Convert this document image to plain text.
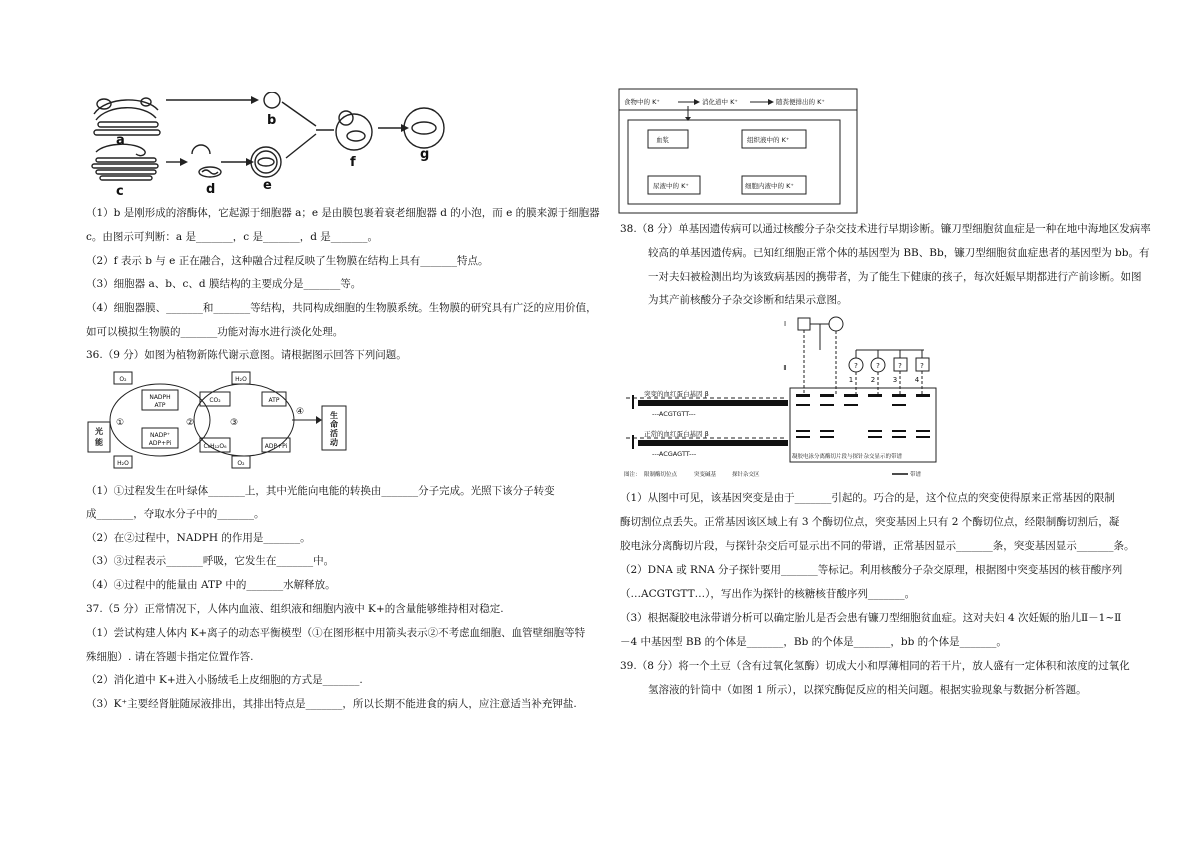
a
b
c	d	e
f
g
（1）b 是刚形成的溶酶体，它起源于细胞器 a；e 是由膜包裹着衰老细胞器 d 的小泡，而 e 的膜来源于细胞器
c。由图示可判断：a 是_______，c 是_______，d 是_______。
（2）f 表示 b 与 e 正在融合，这种融合过程反映了生物膜在结构上具有_______特点。
（3）细胞器 a、b、c、d 膜结构的主要成分是_______等。
（4）细胞器膜、_______和_______等结构，共同构成细胞的生物膜系统。生物膜的研究具有广泛的应用价值，
如可以模拟生物膜的_______功能对海水进行淡化处理。
36.（9 分）如图为植物新陈代谢示意图。请根据图示回答下列问题。
O₂
NADPH
ATP
NADP⁺
ADP+Pi
H₂O
CO₂
C₆H₁₂O₆
H₂O
ATP
ADP+Pi
O₂
光
能
生
命
活
动
①	②	③
④
（1）①过程发生在叶绿体_______上，其中光能向电能的转换由_______分子完成。光照下该分子转变
成_______，夺取水分子中的_______。
（2）在②过程中，NADPH 的作用是_______。
（3）③过程表示_______呼吸，它发生在_______中。
（4）④过程中的能量由 ATP 中的_______水解释放。
37.（5 分）正常情况下，人体内血液、组织液和细胞内液中 K+的含量能够维持相对稳定.
（1）尝试构建人体内 K+离子的动态平衡模型（①在图形框中用箭头表示②不考虑血细胞、血管壁细胞等特
殊细胞）. 请在答题卡指定位置作答.
（2）消化道中 K+进入小肠绒毛上皮细胞的方式是_______.
（3）K⁺主要经肾脏随尿液排出，其排出特点是_______，所以长期不能进食的病人，应注意适当补充钾盐.
食物中的 K⁺	消化道中 K⁺	随粪便排出的 K⁺
血浆	组织液中的 K⁺
尿液中的 K⁺	细胞内液中的 K⁺
38.（8 分）单基因遗传病可以通过核酸分子杂交技术进行早期诊断。镰刀型细胞贫血症是一种在地中海地区发病率
较高的单基因遗传病。已知红细胞正常个体的基因型为 BB、Bb，镰刀型细胞贫血症患者的基因型为 bb。有
一对夫妇被检测出均为该致病基因的携带者，为了能生下健康的孩子，每次妊娠早期都进行产前诊断。如图
为其产前核酸分子杂交诊断和结果示意图。
?	?	?	?
1	2	3	4
Ⅰ
Ⅱ
突变的血红蛋白基因 β
---ACGTGTT---
正常的血红蛋白基因 β
---ACGAGTT---
图注： 限制酶切位点	突变碱基	探针杂交区
凝胶电泳分离酶切片段与探针杂交显示的带谱
带谱
（1）从图中可见，该基因突变是由于_______引起的。巧合的是，这个位点的突变使得原来正常基因的限制
酶切割位点丢失。正常基因该区域上有 3 个酶切位点，突变基因上只有 2 个酶切位点，经限制酶切割后，凝
胶电泳分离酶切片段，与探针杂交后可显示出不同的带谱，正常基因显示_______条，突变基因显示_______条。
（2）DNA 或 RNA 分子探针要用_______等标记。利用核酸分子杂交原理，根据图中突变基因的核苷酸序列
（…ACGTGTT…），写出作为探针的核糖核苷酸序列_______。
（3）根据凝胶电泳带谱分析可以确定胎儿是否会患有镰刀型细胞贫血症。这对夫妇 4 次妊娠的胎儿Ⅱ－1~Ⅱ
－4 中基因型 BB 的个体是_______，Bb 的个体是_______，bb 的个体是_______。
39.（8 分）将一个土豆（含有过氧化氢酶）切成大小和厚薄相同的若干片，放人盛有一定体积和浓度的过氧化
氢溶液的针筒中（如图 1 所示），以探究酶促反应的相关问题。根据实验现象与数据分析答题。
